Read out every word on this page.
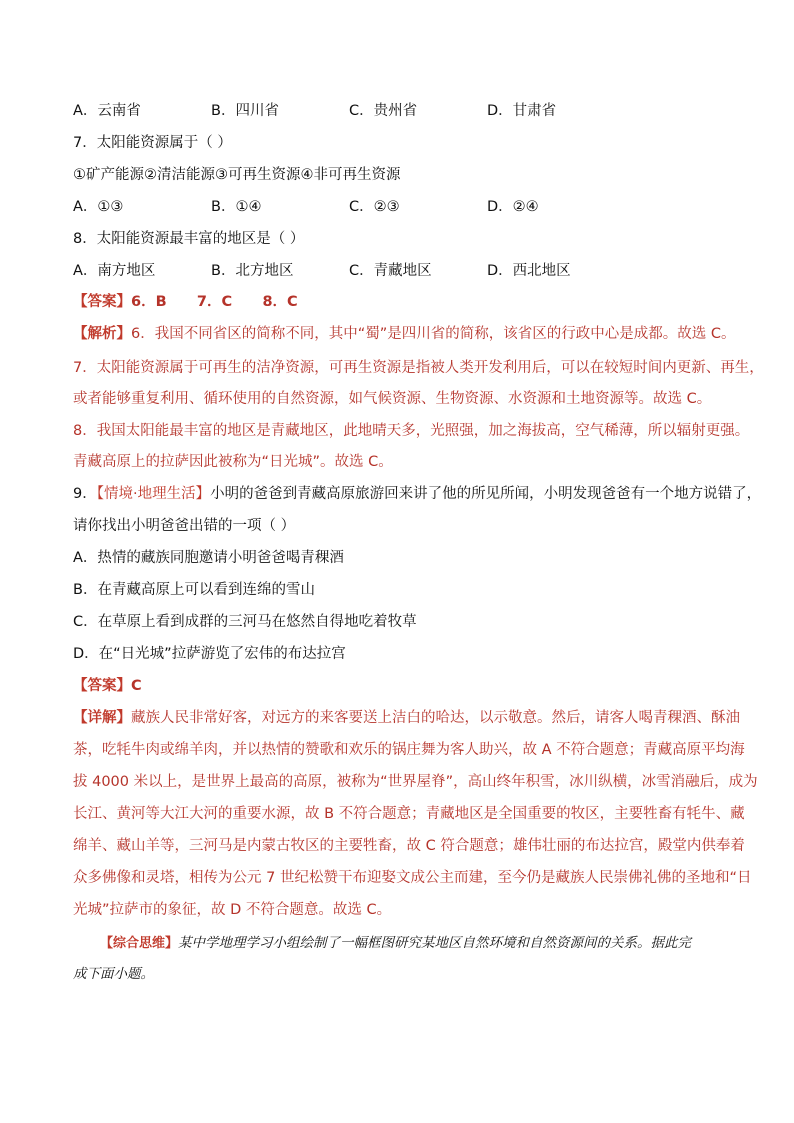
A．云南省	B．四川省	C．贵州省	D．甘肃省
7．太阳能资源属于（ ）
①矿产能源②清洁能源③可再生资源④非可再生资源
A．①③	B．①④	C．②③	D．②④
8．太阳能资源最丰富的地区是（ ）
A．南方地区	B．北方地区	C．青藏地区	D．西北地区
【答案】6．B      7．C      8．C
【解析】6．我国不同省区的简称不同，其中“蜀”是四川省的简称，该省区的行政中心是成都。故选 C。
7．太阳能资源属于可再生的洁净资源，可再生资源是指被人类开发利用后，可以在较短时间内更新、再生，
或者能够重复利用、循环使用的自然资源，如气候资源、生物资源、水资源和土地资源等。故选 C。
8．我国太阳能最丰富的地区是青藏地区，此地晴天多，光照强，加之海拔高，空气稀薄，所以辐射更强。
青藏高原上的拉萨因此被称为“日光城”。故选 C。
9．【情境·地理生活】小明的爸爸到青藏高原旅游回来讲了他的所见所闻，小明发现爸爸有一个地方说错了，
请你找出小明爸爸出错的一项（ ）
A．热情的藏族同胞邀请小明爸爸喝青稞酒
B．在青藏高原上可以看到连绵的雪山
C．在草原上看到成群的三河马在悠然自得地吃着牧草
D．在“日光城”拉萨游览了宏伟的布达拉宫
【答案】C
【详解】藏族人民非常好客，对远方的来客要送上洁白的哈达，以示敬意。然后，请客人喝青稞酒、酥油
茶，吃牦牛肉或绵羊肉，并以热情的赞歌和欢乐的锅庄舞为客人助兴，故 A 不符合题意；青藏高原平均海
拔 4000 米以上，是世界上最高的高原，被称为“世界屋脊”，高山终年积雪，冰川纵横，冰雪消融后，成为
长江、黄河等大江大河的重要水源，故 B 不符合题意；青藏地区是全国重要的牧区，主要牲畜有牦牛、藏
绵羊、藏山羊等，三河马是内蒙古牧区的主要牲畜，故 C 符合题意；雄伟壮丽的布达拉宫，殿堂内供奉着
众多佛像和灵塔，相传为公元 7 世纪松赞干布迎娶文成公主而建，至今仍是藏族人民崇佛礼佛的圣地和“日
光城”拉萨市的象征，故 D 不符合题意。故选 C。
【综合思维】某中学地理学习小组绘制了一幅框图研究某地区自然环境和自然资源间的关系。据此完
成下面小题。
